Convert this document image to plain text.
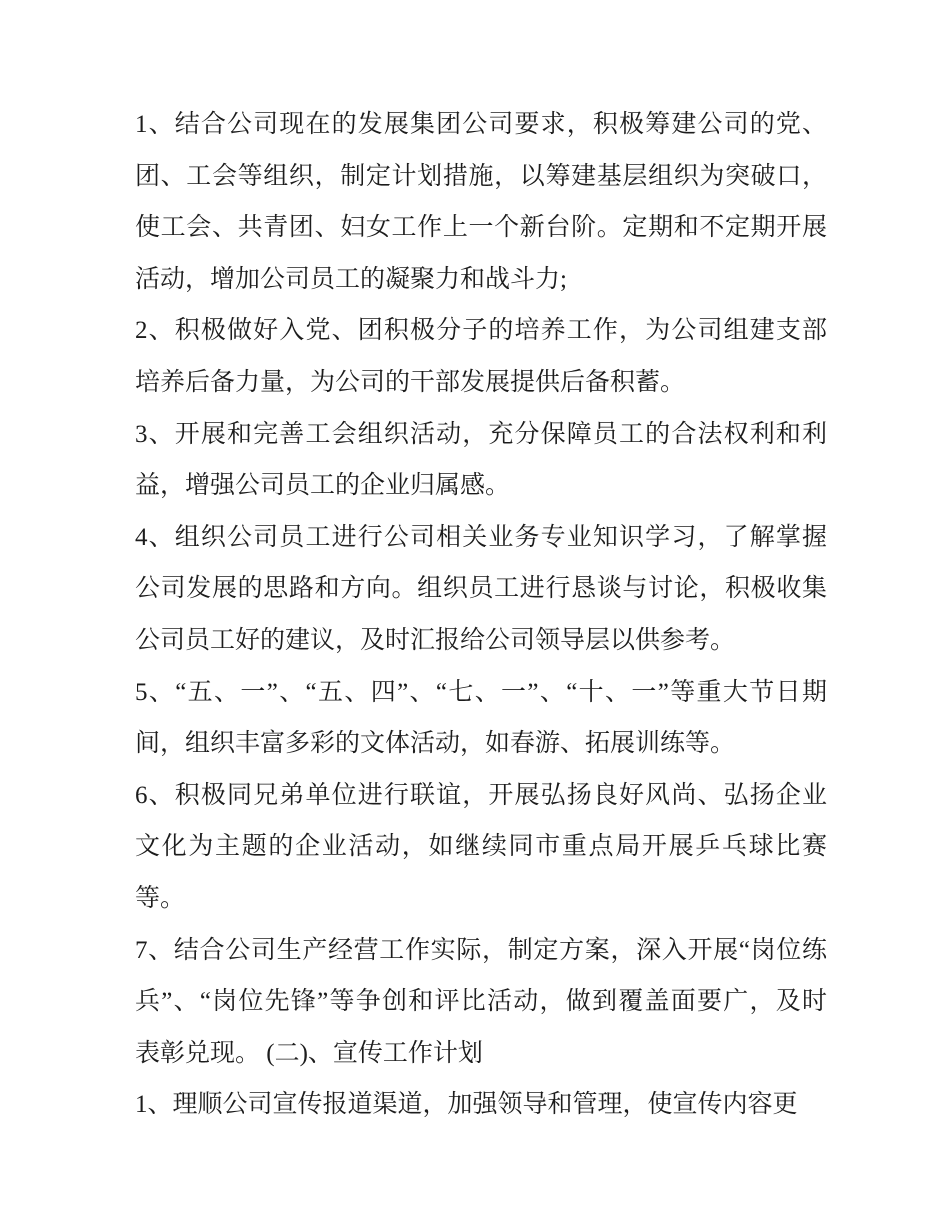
1、结合公司现在的发展集团公司要求，积极筹建公司的党、
团、工会等组织，制定计划措施，以筹建基层组织为突破口，
使工会、共青团、妇女工作上一个新台阶。定期和不定期开展
活动，增加公司员工的凝聚力和战斗力;

2、积极做好入党、团积极分子的培养工作，为公司组建支部
培养后备力量，为公司的干部发展提供后备积蓄。

3、开展和完善工会组织活动，充分保障员工的合法权利和利
益，增强公司员工的企业归属感。

4、组织公司员工进行公司相关业务专业知识学习，了解掌握
公司发展的思路和方向。组织员工进行恳谈与讨论，积极收集
公司员工好的建议，及时汇报给公司领导层以供参考。

5、“五、一”、“五、四”、“七、一”、“十、一”等重大节日期
间，组织丰富多彩的文体活动，如春游、拓展训练等。

6、积极同兄弟单位进行联谊，开展弘扬良好风尚、弘扬企业
文化为主题的企业活动，如继续同市重点局开展乒乓球比赛
等。

7、结合公司生产经营工作实际，制定方案，深入开展“岗位练
兵”、“岗位先锋”等争创和评比活动，做到覆盖面要广，及时
表彰兑现。 (二)、宣传工作计划

1、理顺公司宣传报道渠道，加强领导和管理，使宣传内容更
